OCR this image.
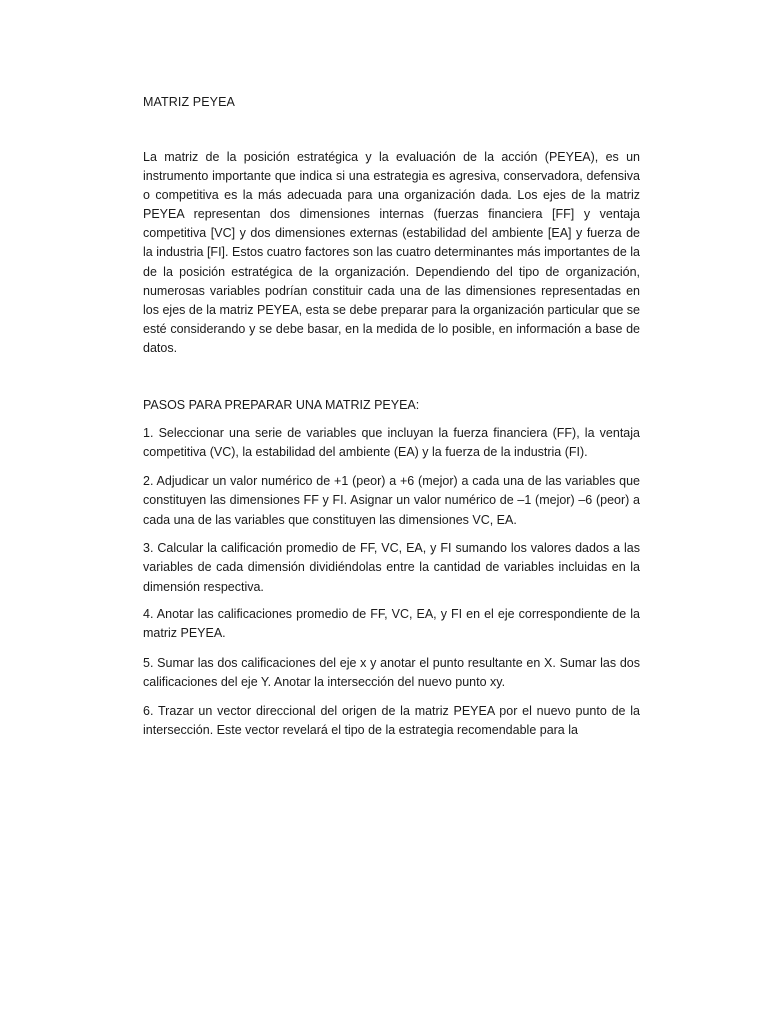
MATRIZ PEYEA

La matriz de la posición estratégica y la evaluación de la acción (PEYEA), es un instrumento importante que indica si una estrategia es agresiva, conservadora, defensiva o competitiva es la más adecuada para una organización dada. Los ejes de la matriz PEYEA representan dos dimensiones internas (fuerzas financiera [FF] y ventaja competitiva [VC] y dos dimensiones externas (estabilidad del ambiente [EA] y fuerza de la industria [FI]. Estos cuatro factores son las cuatro determinantes más importantes de la de la posición estratégica de la organización. Dependiendo del tipo de organización, numerosas variables podrían constituir cada una de las dimensiones representadas en los ejes de la matriz PEYEA, esta se debe preparar para la organización particular que se esté considerando y se debe basar, en la medida de lo posible, en información a base de datos.

PASOS PARA PREPARAR UNA MATRIZ PEYEA:

1. Seleccionar una serie de variables que incluyan la fuerza financiera (FF), la ventaja competitiva (VC), la estabilidad del ambiente (EA) y la fuerza de la industria (FI).

2. Adjudicar un valor numérico de +1 (peor) a +6 (mejor) a cada una de las variables que constituyen las dimensiones FF y FI. Asignar un valor numérico de –1 (mejor) –6 (peor) a cada una de las variables que constituyen las dimensiones VC, EA.

3. Calcular la calificación promedio de FF, VC, EA, y FI sumando los valores dados a las variables de cada dimensión dividiéndolas entre la cantidad de variables incluidas en la dimensión respectiva.

4. Anotar las calificaciones promedio de FF, VC, EA, y FI en el eje correspondiente de la matriz PEYEA.

5. Sumar las dos calificaciones del eje x y anotar el punto resultante en X. Sumar las dos calificaciones del eje Y. Anotar la intersección del nuevo punto xy.

6. Trazar un vector direccional del origen de la matriz PEYEA por el nuevo punto de la intersección. Este vector revelará el tipo de la estrategia recomendable para la
